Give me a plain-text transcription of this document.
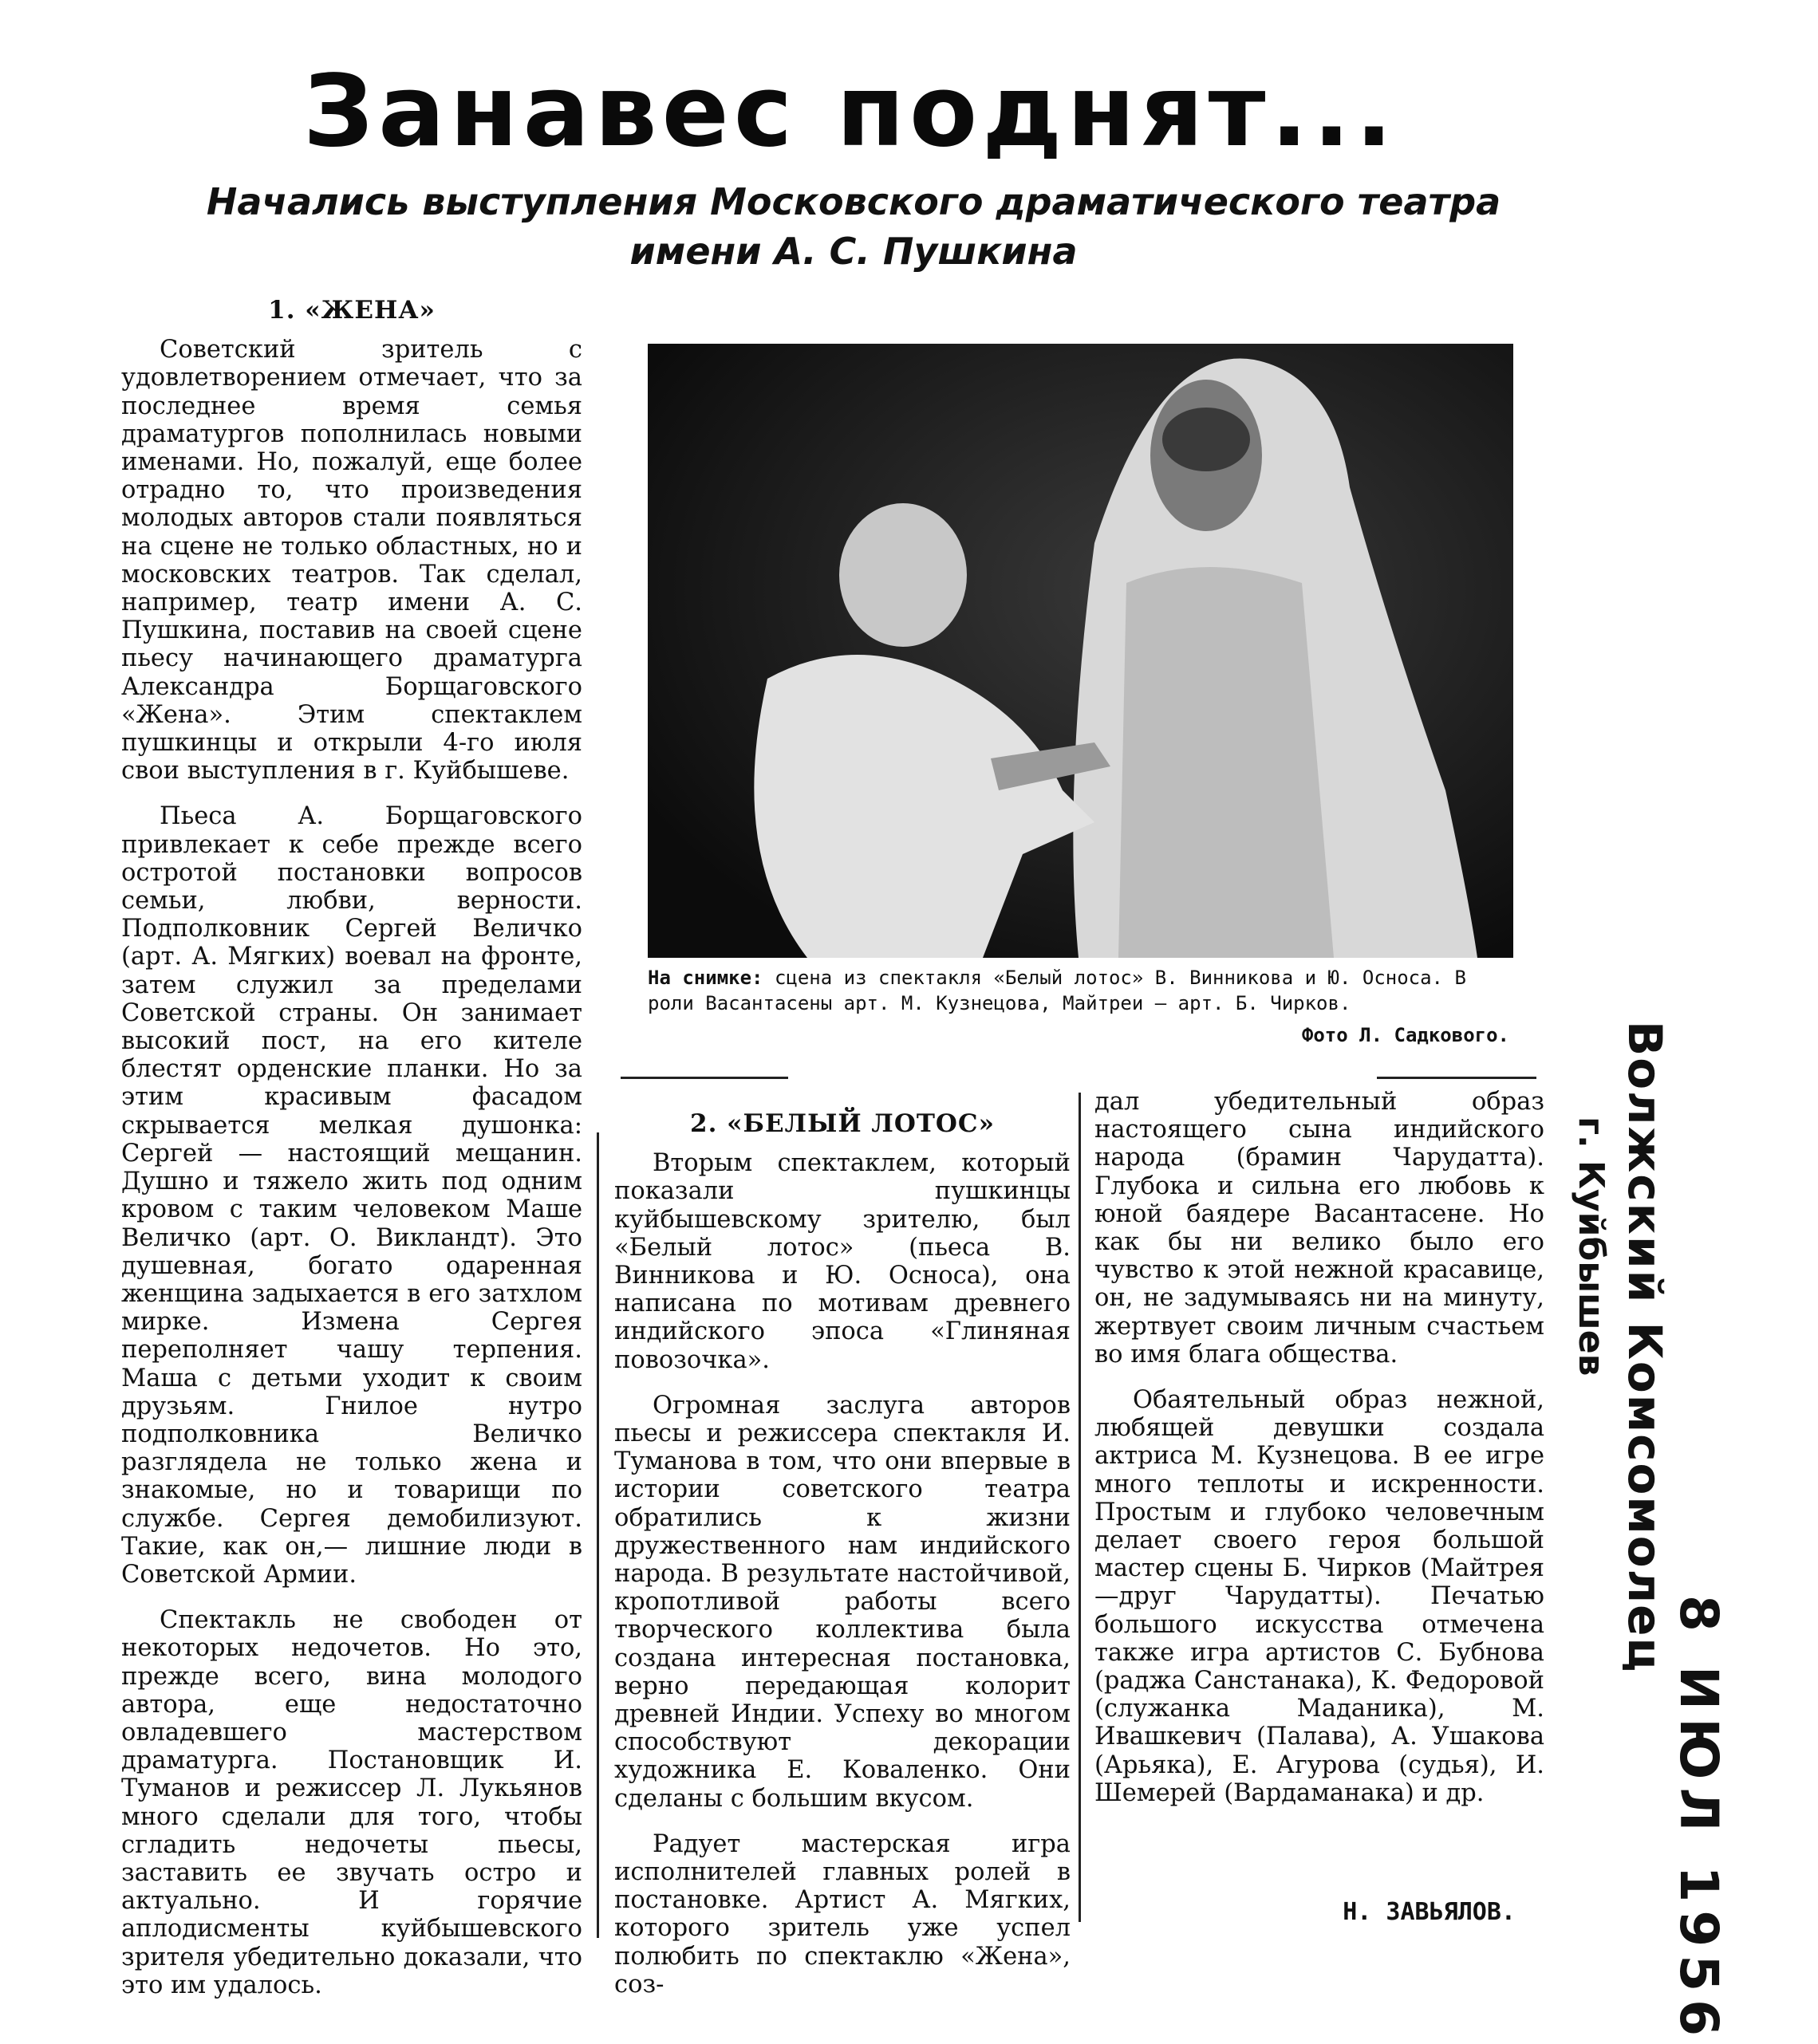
Занавес поднят...
Начались выступления Московского драматического театра
имени А. С. Пушкина
1. «ЖЕНА»

Советский зритель с удовлетворением отмечает, что за последнее время семья драматургов пополнилась новыми именами. Но, пожалуй, еще более отрадно то, что произведения молодых авторов стали появляться на сцене не только областных, но и московских театров. Так сделал, например, театр имени А. С. Пушкина, поставив на своей сцене пьесу начинающего драматурга Александра Борщаговского «Жена». Этим спектаклем пушкинцы и открыли 4-го июля свои выступления в г. Куйбышеве.

Пьеса А. Борщаговского привлекает к себе прежде всего остротой постановки вопросов семьи, любви, верности. Подполковник Сергей Величко (арт. А. Мягких) воевал на фронте, затем служил за пределами Советской страны. Он занимает высокий пост, на его кителе блестят орденские планки. Но за этим красивым фасадом скрывается мелкая душонка: Сергей — настоящий мещанин. Душно и тяжело жить под одним кровом с таким человеком Маше Величко (арт. О. Викландт). Это душевная, богато одаренная женщина задыхается в его затхлом мирке. Измена Сергея переполняет чашу терпения. Маша с детьми уходит к своим друзьям. Гнилое нутро подполковника Величко разглядела не только жена и знакомые, но и товарищи по службе. Сергея демобилизуют. Такие, как он,— лишние люди в Советской Армии.

Спектакль не свободен от некоторых недочетов. Но это, прежде всего, вина молодого автора, еще недостаточно овладевшего мастерством драматурга. Постановщик И. Туманов и режиссер Л. Лукьянов много сделали для того, чтобы сгладить недочеты пьесы, заставить ее звучать остро и актуально. И горячие аплодисменты куйбышевского зрителя убедительно доказали, что это им удалось.

На снимке: сцена из спектакля «Белый лотос» В. Винникова и Ю. Осноса. В роли Васантасены арт. М. Кузнецова, Майтреи — арт. Б. Чирков.
Фото Л. Садкового.
2. «БЕЛЫЙ ЛОТОС»

Вторым спектаклем, который показали пушкинцы куйбышевскому зрителю, был «Белый лотос» (пьеса В. Винникова и Ю. Осноса), она написана по мотивам древнего индийского эпоса «Глиняная повозочка».

Огромная заслуга авторов пьесы и режиссера спектакля И. Туманова в том, что они впервые в истории советского театра обратились к жизни дружественного нам индийского народа. В результате настойчивой, кропотливой работы всего творческого коллектива была создана интересная постановка, верно передающая колорит древней Индии. Успеху во многом способствуют декорации художника Е. Коваленко. Они сделаны с большим вкусом.

Радует мастерская игра исполнителей главных ролей в постановке. Артист А. Мягких, которого зритель уже успел полюбить по спектаклю «Жена», соз-

дал убедительный образ настоящего сына индийского народа (брамин Чарудатта). Глубока и сильна его любовь к юной баядере Васантасене. Но как бы ни велико было его чувство к этой нежной красавице, он, не задумываясь ни на минуту, жертвует своим личным счастьем во имя блага общества.

Обаятельный образ нежной, любящей девушки создала актриса М. Кузнецова. В ее игре много теплоты и искренности. Простым и глубоко человечным делает своего героя большой мастер сцены Б. Чирков (Майтрея —друг Чарудатты). Печатью большого искусства отмечена также игра артистов С. Бубнова (раджа Санстанака), К. Федоровой (служанка Маданика), М. Ивашкевич (Палава), А. Ушакова (Арьяка), Е. Агурова (судья), И. Шемерей (Вардаманака) и др.

Н. ЗАВЬЯЛОВ.
Волжский Комсомолец
г. Куйбышев
8 ИЮЛ 1956
